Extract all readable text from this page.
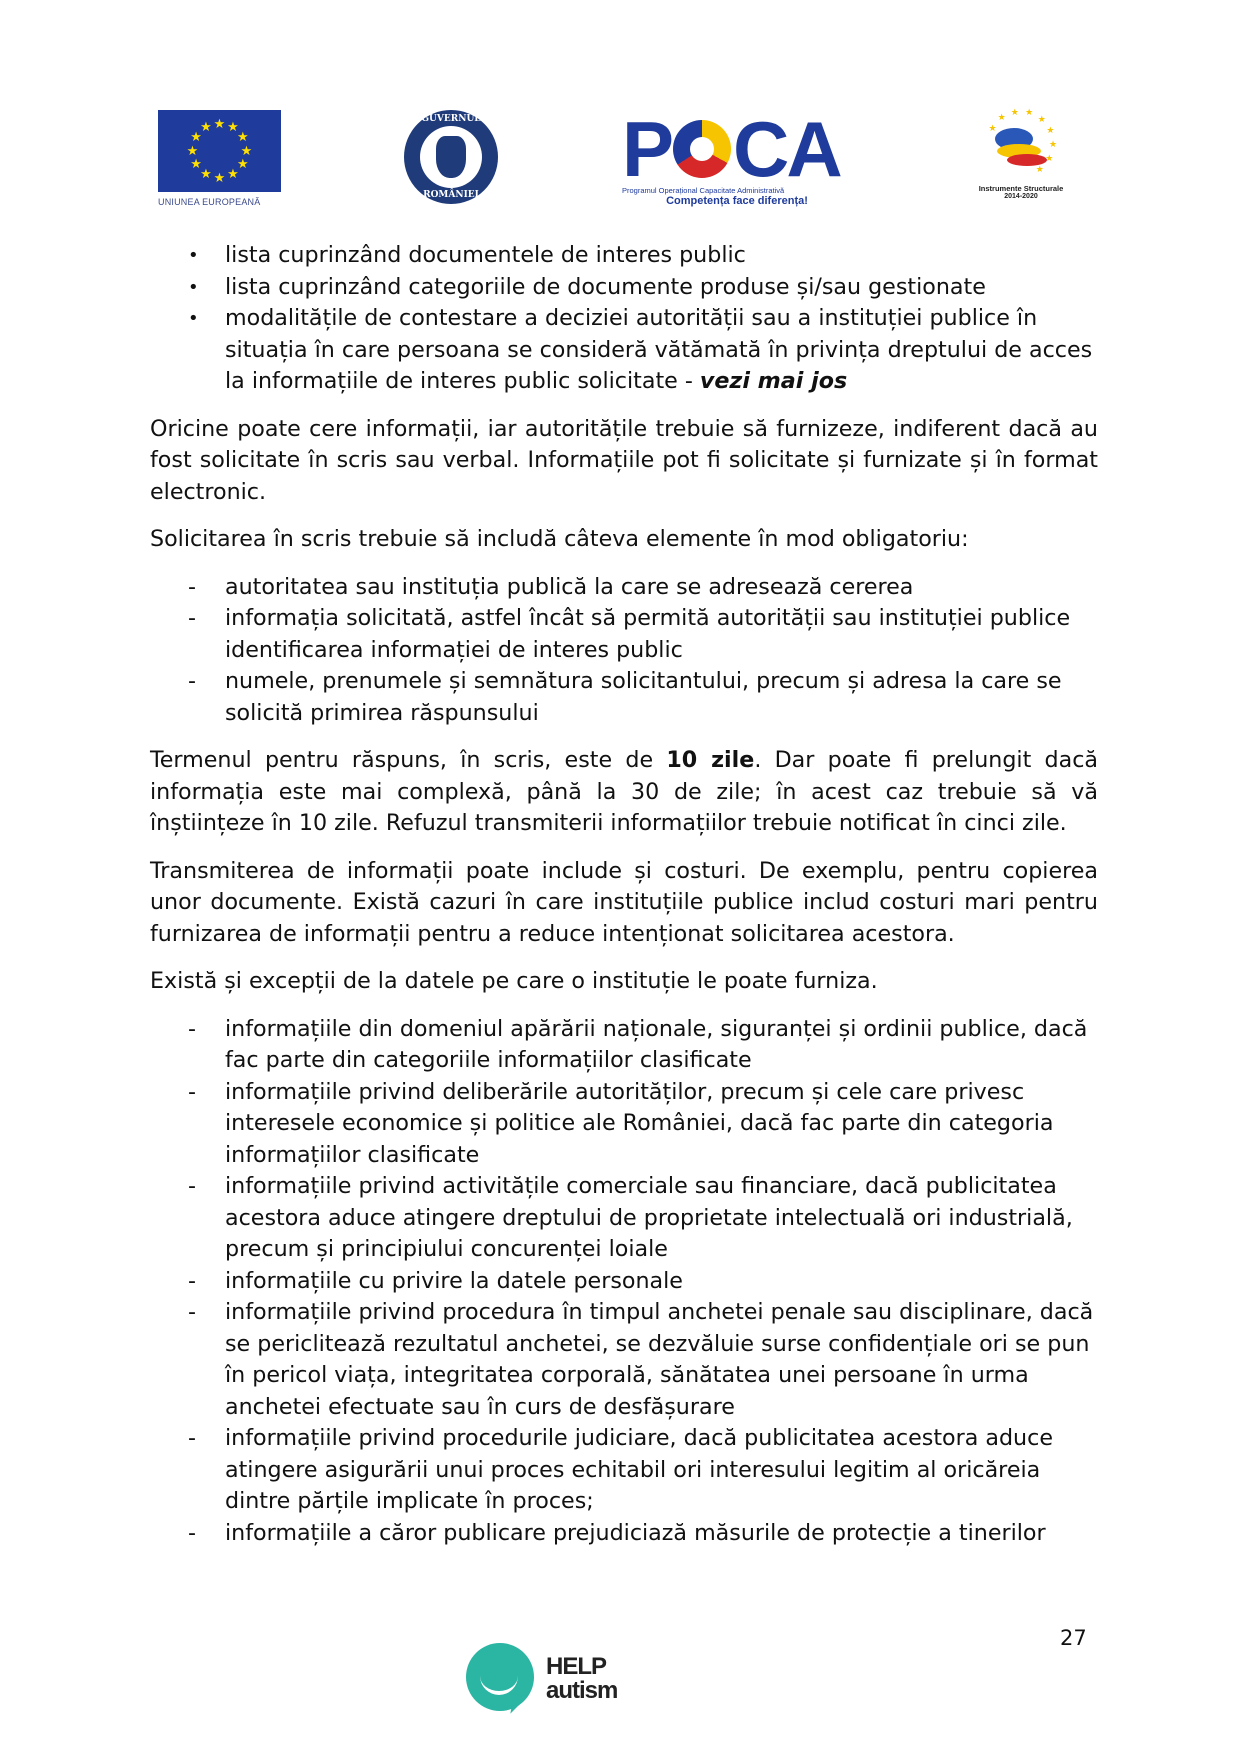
★ ★
★
★
★
★
★
★
★
★
★
★
UNIUNEA EUROPEANĂ
GUVERNUL
ROMÂNIEI
P CA
Programul Operațional Capacitate Administrativă
Competența face diferența!
★
★
★ ★
★
★
★
★
★
Instrumente Structurale
2014-2020
•	lista cuprinzând documentele de interes public
•	lista cuprinzând categoriile de documente produse și/sau gestionate
•	modalitățile de contestare a deciziei autorității sau a instituției publice în situația în care persoana se consideră vătămată în privința dreptului de acces la informațiile de interes public solicitate - vezi mai jos

Oricine poate cere informații, iar autoritățile trebuie să furnizeze, indiferent dacă au fost solicitate în scris sau verbal. Informațiile pot fi solicitate și furnizate și în format electronic.

Solicitarea în scris trebuie să includă câteva elemente în mod obligatoriu:

-	autoritatea sau instituția publică la care se adresează cererea
-	informația solicitată, astfel încât să permită autorității sau instituției publice identificarea informației de interes public
-	numele, prenumele și semnătura solicitantului, precum și adresa la care se solicită primirea răspunsului

Termenul pentru răspuns, în scris, este de 10 zile. Dar poate fi prelungit dacă informația este mai complexă, până la 30 de zile; în acest caz trebuie să vă înștiințeze în 10 zile. Refuzul transmiterii informațiilor trebuie notificat în cinci zile.

Transmiterea de informații poate include și costuri. De exemplu, pentru copierea unor documente. Există cazuri în care instituțiile publice includ costuri mari pentru furnizarea de informații pentru a reduce intenționat solicitarea acestora.

Există și excepții de la datele pe care o instituție le poate furniza.

-	informațiile din domeniul apărării naționale, siguranței și ordinii publice, dacă fac parte din categoriile informațiilor clasificate
-	informațiile privind deliberările autorităților, precum și cele care privesc interesele economice și politice ale României, dacă fac parte din categoria informațiilor clasificate
-	informațiile privind activitățile comerciale sau financiare, dacă publicitatea acestora aduce atingere dreptului de proprietate intelectuală ori industrială, precum și principiului concurenței loiale
-	informațiile cu privire la datele personale
-	informațiile privind procedura în timpul anchetei penale sau disciplinare, dacă se periclitează rezultatul anchetei, se dezvăluie surse confidențiale ori se pun în pericol viața, integritatea corporală, sănătatea unei persoane în urma anchetei efectuate sau în curs de desfășurare
-	informațiile privind procedurile judiciare, dacă publicitatea acestora aduce atingere asigurării unui proces echitabil ori interesului legitim al oricăreia dintre părțile implicate în proces;
-	informațiile a căror publicare prejudiciază măsurile de protecție a tinerilor
27
HELP
autism
